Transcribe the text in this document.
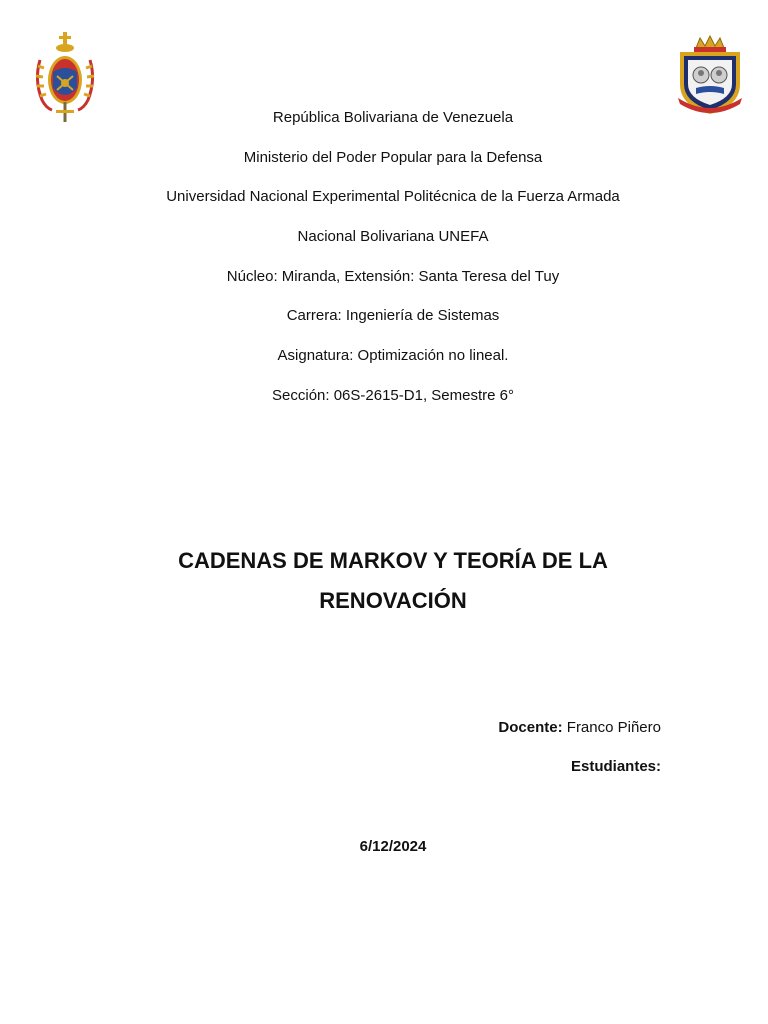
República Bolivariana de Venezuela
Ministerio del Poder Popular para la Defensa
Universidad Nacional Experimental Politécnica de la Fuerza Armada
Nacional Bolivariana UNEFA
Núcleo: Miranda, Extensión: Santa Teresa del Tuy
Carrera: Ingeniería de Sistemas
Asignatura: Optimización no lineal.
Sección: 06S-2615-D1, Semestre 6°
CADENAS DE MARKOV Y TEORÍA DE LA
RENOVACIÓN
Docente: Franco Piñero
Estudiantes:
6/12/2024
